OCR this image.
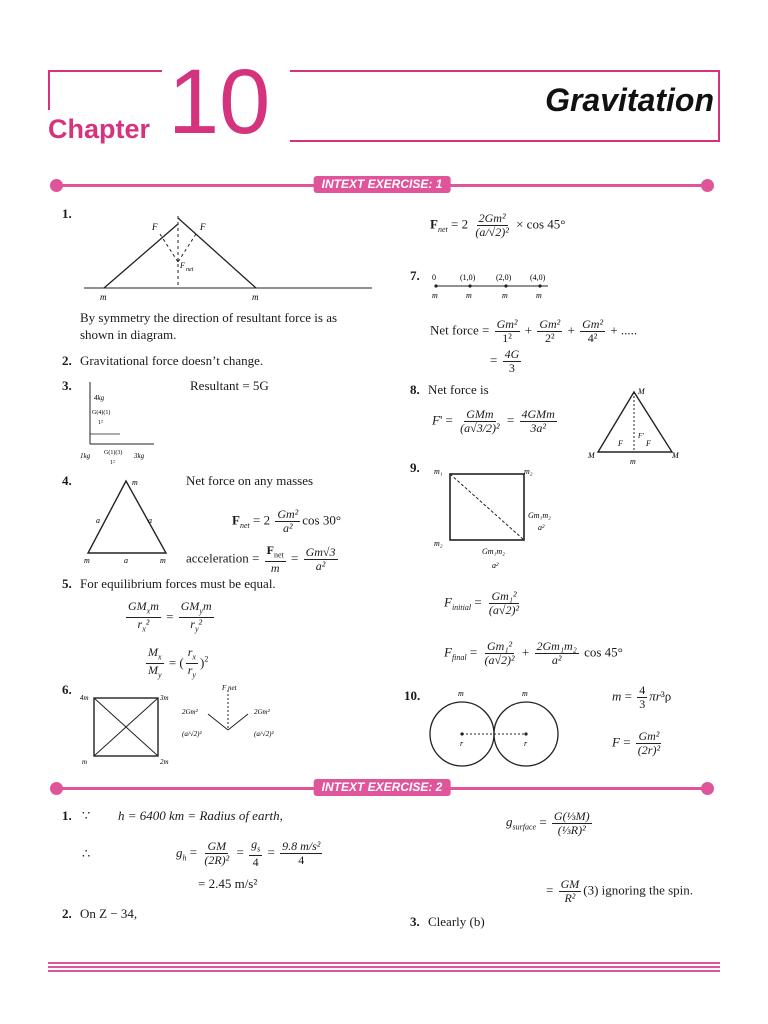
Chapter 10	Gravitation
INTEXT EXERCISE: 1
1.
F	F
F net
m	m
By symmetry the direction of resultant force is as
shown in diagram.
2. Gravitational force doesn’t change.
3.
4kg
G(4)(1)
1²
1kg G(1)(3)
1²
3kg
Resultant = 5G
4.	m
a	a
m	a	m
Net force on any masses
$F_{net} = 2 \frac{\text{Gm²}}{\text{a²}}$ cos 30°
acceleration = $\frac{F_{net}}{m} = \frac{Gm√3}{\text{a²}}$
5. For equilibrium forces must be equal.
$\frac{GM_xm}{r_x^2} = \frac{GM_ym}{r_y^2}$
$\frac{M_x}{M_y}$ = ( $\frac{r_x}{r_y} )^2$
6.
4m	3m
m	2m
F net
2Gm²	2Gm²
(a/√2)²	(a/√2)²
$F_{net} = 2 \frac{\text{2Gm²}}{\text{(a/√2)²}} \times \cos 45^\circ$
7. 0	(1,0)	(2,0) (4,0)
m	m	m	m
Net force = $\frac{\text{Gm²}}{\text{1²}} + \frac{\text{Gm²}}{\text{2²}} + \frac{\text{Gm²}}{\text{4²}}$ + .....
= $\frac{4G}{3}$
8. Net force is
$F' = \frac{\text{GMm}}{\text{(a√3/2)²}} = \frac{\text{4GMm}}{\text{3a²}}$
M
M	M
m
F	F
F'
9. m₁	m₂
m₂
Gm₁m₂
a²
Gm₁m₂
a²
$F_{initial} = \frac{\text{Gm₁²}}{\text{(a√2)²}}$
$F_{final} = \frac{\text{Gm₁²}}{\text{(a√2)²}} + \frac{\text{2Gm₁m₂}}{\text{a²}}$ cos 45°
10.	m	m
r	r
$m = \frac{4}{3} \pi r^3\rho$
$F = \frac{\text{Gm²}}{\text{(2r)²}}$
INTEXT EXERCISE: 2
1. ∵ h = 6400 km = Radius of earth,
∴	$g_h = \frac{GM}{\text{(2R)²}} = \frac{g_s}{4} = \frac{\text{9.8 m/s²}}{4}$
= 2.45 m/s²
2. On Z − 34,
$g_{surface} = \frac{\text{G(⅓M)}}{\text{(⅓R)²}}$
= $\frac{GM}{\text{R²}} (3)$ ignoring the spin.
3. Clearly (b)
